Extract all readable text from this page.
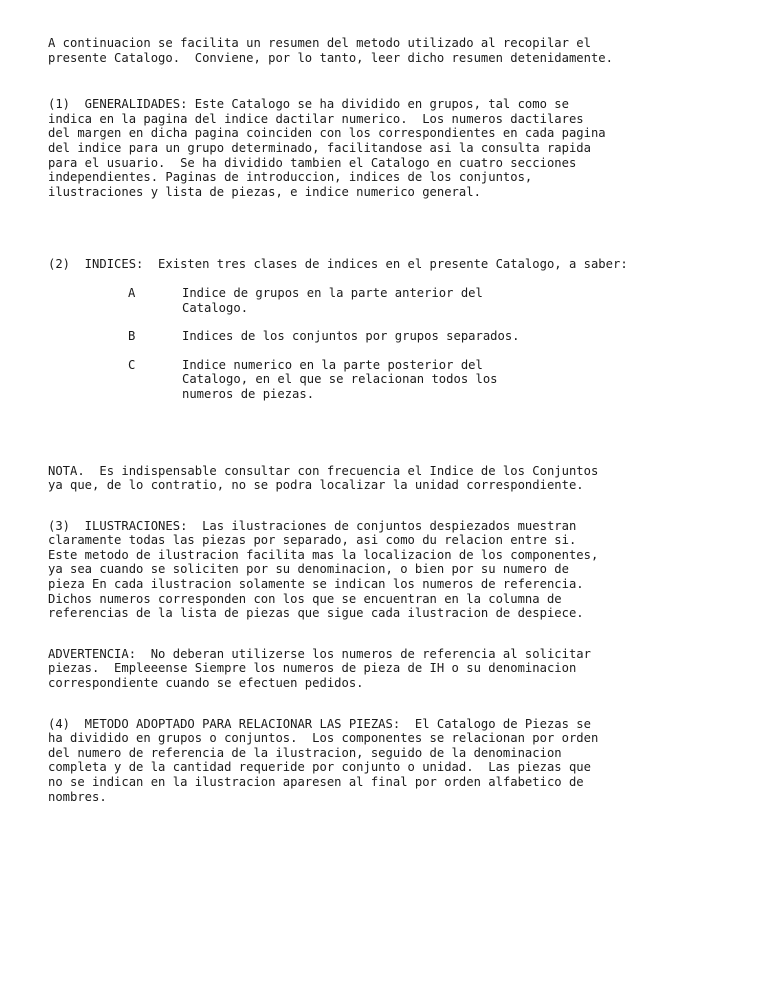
A continuacion se facilita un resumen del metodo utilizado al recopilar el
presente Catalogo.  Conviene, por lo tanto, leer dicho resumen detenidamente.

(1)  GENERALIDADES: Este Catalogo se ha dividido en grupos, tal como se
indica en la pagina del indice dactilar numerico.  Los numeros dactilares
del margen en dicha pagina coinciden con los correspondientes en cada pagina
del indice para un grupo determinado, facilitandose asi la consulta rapida
para el usuario.  Se ha dividido tambien el Catalogo en cuatro secciones
independientes. Paginas de introduccion, indices de los conjuntos,
ilustraciones y lista de piezas, e indice numerico general.

(2)  INDICES:  Existen tres clases de indices en el presente Catalogo, a saber:

A	Indice de grupos en la parte anterior del
Catalogo.
B	Indices de los conjuntos por grupos separados.
C	Indice numerico en la parte posterior del
Catalogo, en el que se relacionan todos los
numeros de piezas.

NOTA.  Es indispensable consultar con frecuencia el Indice de los Conjuntos
ya que, de lo contratio, no se podra localizar la unidad correspondiente.

(3)  ILUSTRACIONES:  Las ilustraciones de conjuntos despiezados muestran
claramente todas las piezas por separado, asi como du relacion entre si.
Este metodo de ilustracion facilita mas la localizacion de los componentes,
ya sea cuando se soliciten por su denominacion, o bien por su numero de
pieza En cada ilustracion solamente se indican los numeros de referencia.
Dichos numeros corresponden con los que se encuentran en la columna de
referencias de la lista de piezas que sigue cada ilustracion de despiece.

ADVERTENCIA:  No deberan utilizerse los numeros de referencia al solicitar
piezas.  Empleeense Siempre los numeros de pieza de IH o su denominacion
correspondiente cuando se efectuen pedidos.

(4)  METODO ADOPTADO PARA RELACIONAR LAS PIEZAS:  El Catalogo de Piezas se
ha dividido en grupos o conjuntos.  Los componentes se relacionan por orden
del numero de referencia de la ilustracion, seguido de la denominacion
completa y de la cantidad requeride por conjunto o unidad.  Las piezas que
no se indican en la ilustracion aparesen al final por orden alfabetico de
nombres.
